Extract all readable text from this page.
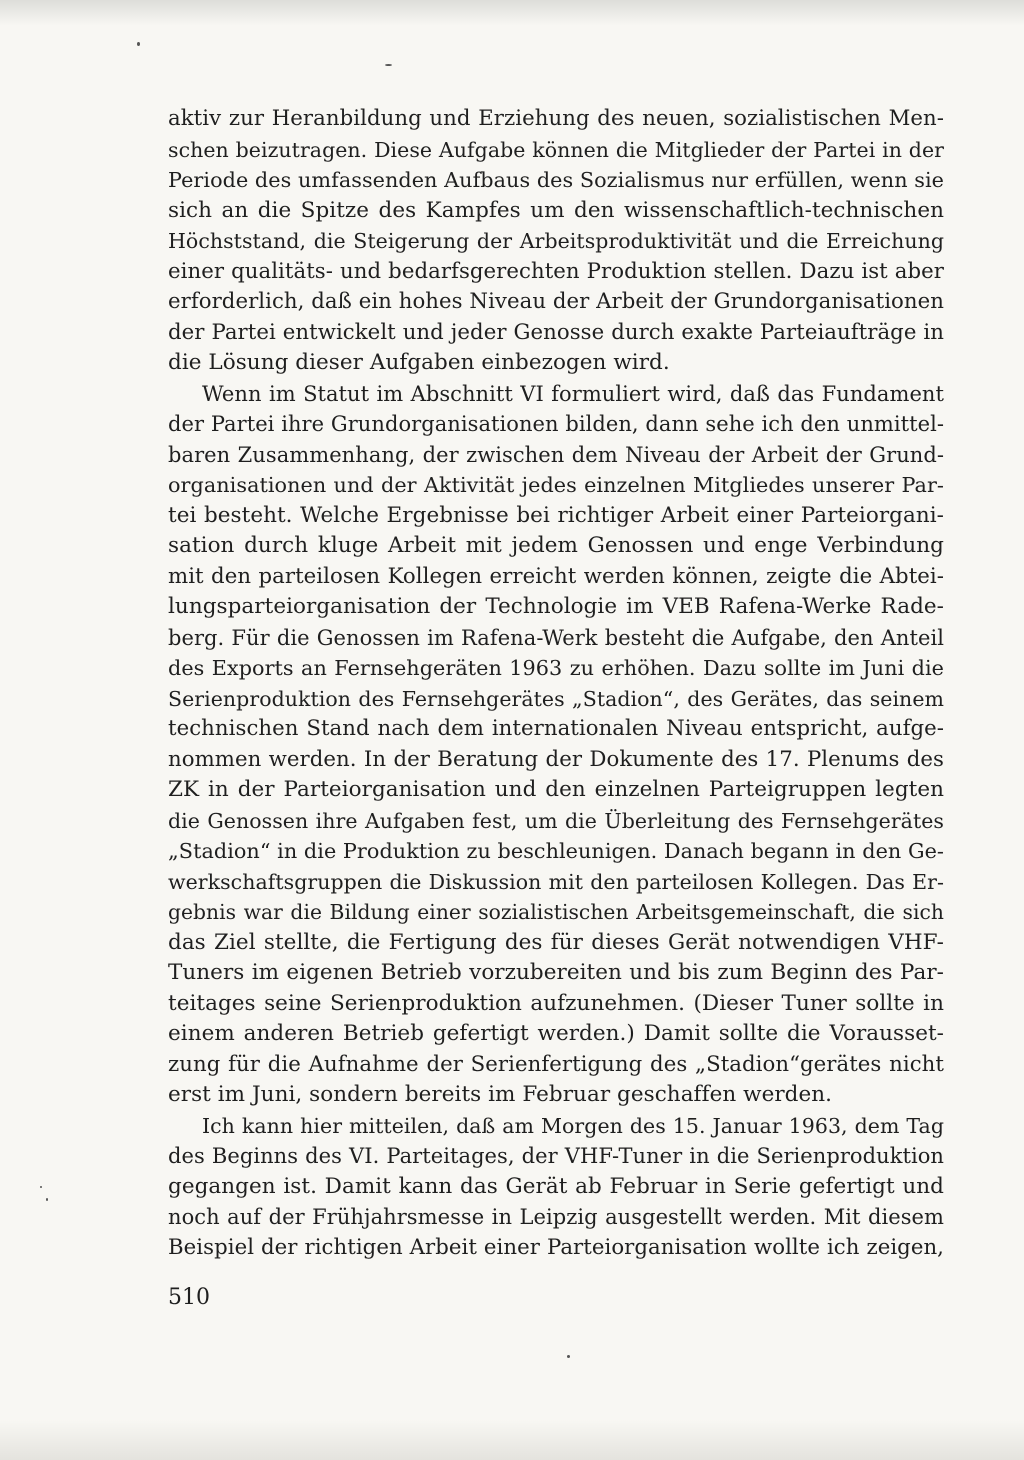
aktiv zur Heranbildung und Erziehung des neuen, sozialistischen Men-
schen beizutragen. Diese Aufgabe können die Mitglieder der Partei in der
Periode des umfassenden Aufbaus des Sozialismus nur erfüllen, wenn sie
sich an die Spitze des Kampfes um den wissenschaftlich-technischen
Höchststand, die Steigerung der Arbeitsproduktivität und die Erreichung
einer qualitäts- und bedarfsgerechten Produktion stellen. Dazu ist aber
erforderlich, daß ein hohes Niveau der Arbeit der Grundorganisationen
der Partei entwickelt und jeder Genosse durch exakte Parteiaufträge in
die Lösung dieser Aufgaben einbezogen wird.
Wenn im Statut im Abschnitt VI formuliert wird, daß das Fundament
der Partei ihre Grundorganisationen bilden, dann sehe ich den unmittel-
baren Zusammenhang, der zwischen dem Niveau der Arbeit der Grund-
organisationen und der Aktivität jedes einzelnen Mitgliedes unserer Par-
tei besteht. Welche Ergebnisse bei richtiger Arbeit einer Parteiorgani-
sation durch kluge Arbeit mit jedem Genossen und enge Verbindung
mit den parteilosen Kollegen erreicht werden können, zeigte die Abtei-
lungsparteiorganisation der Technologie im VEB Rafena-Werke Rade-
berg. Für die Genossen im Rafena-Werk besteht die Aufgabe, den Anteil
des Exports an Fernsehgeräten 1963 zu erhöhen. Dazu sollte im Juni die
Serienproduktion des Fernsehgerätes „Stadion“, des Gerätes, das seinem
technischen Stand nach dem internationalen Niveau entspricht, aufge-
nommen werden. In der Beratung der Dokumente des 17. Plenums des
ZK in der Parteiorganisation und den einzelnen Parteigruppen legten
die Genossen ihre Aufgaben fest, um die Überleitung des Fernsehgerätes
„Stadion“ in die Produktion zu beschleunigen. Danach begann in den Ge-
werkschaftsgruppen die Diskussion mit den parteilosen Kollegen. Das Er-
gebnis war die Bildung einer sozialistischen Arbeitsgemeinschaft, die sich
das Ziel stellte, die Fertigung des für dieses Gerät notwendigen VHF-
Tuners im eigenen Betrieb vorzubereiten und bis zum Beginn des Par-
teitages seine Serienproduktion aufzunehmen. (Dieser Tuner sollte in
einem anderen Betrieb gefertigt werden.) Damit sollte die Vorausset-
zung für die Aufnahme der Serienfertigung des „Stadion“gerätes nicht
erst im Juni, sondern bereits im Februar geschaffen werden.
Ich kann hier mitteilen, daß am Morgen des 15. Januar 1963, dem Tag
des Beginns des VI. Parteitages, der VHF-Tuner in die Serienproduktion
gegangen ist. Damit kann das Gerät ab Februar in Serie gefertigt und
noch auf der Frühjahrsmesse in Leipzig ausgestellt werden. Mit diesem
Beispiel der richtigen Arbeit einer Parteiorganisation wollte ich zeigen,
510
